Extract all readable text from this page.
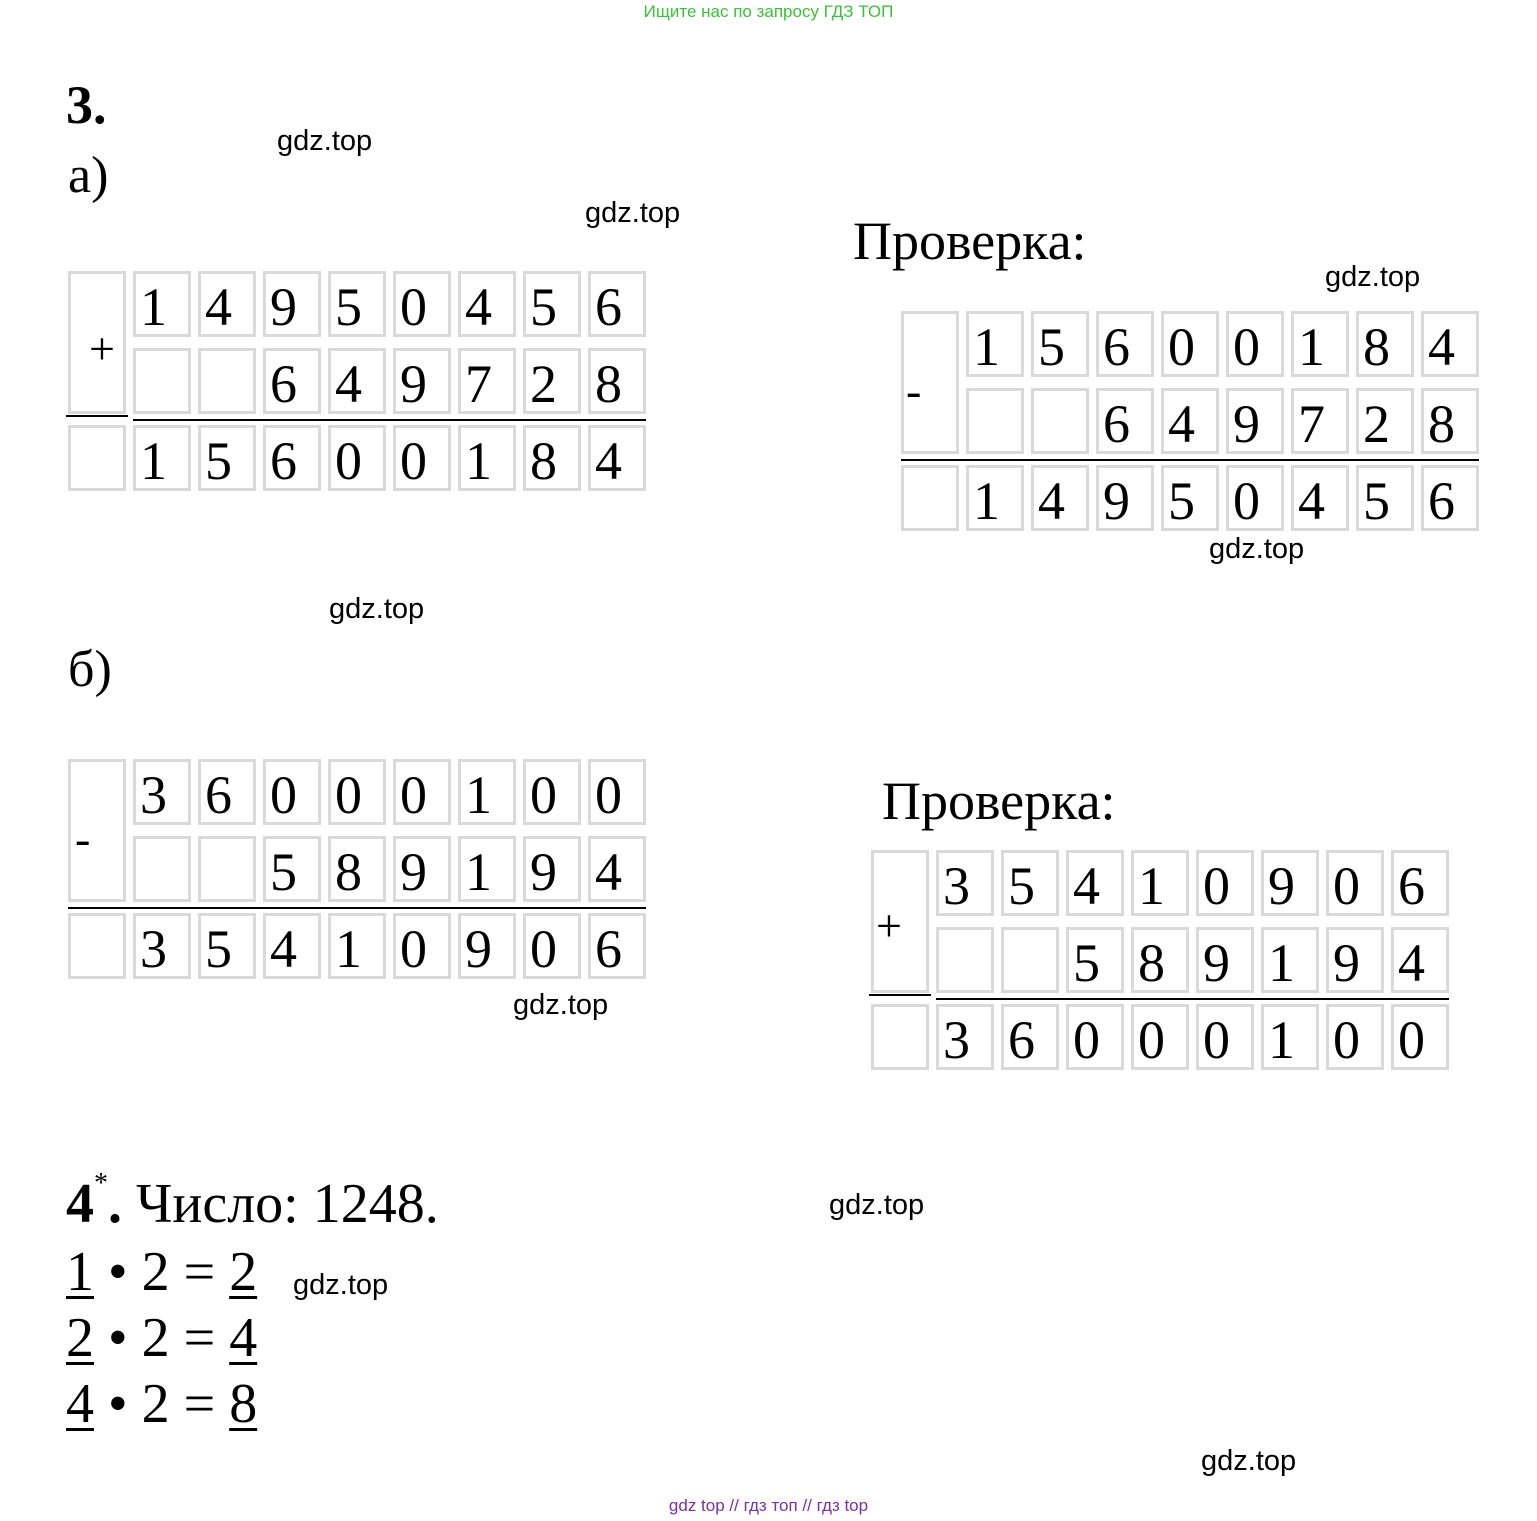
Ищите нас по запросу ГДЗ ТОП
3.
а)
Проверка:
б)
Проверка:
+
1 4 9 5 0 4 5 6
6 4 9 7 2 8
1 5 6 0 0 1 8 4
-
1 5 6 0 0 1 8 4
6 4 9 7 2 8
1 4 9 5 0 4 5 6
-
3 6 0 0 0 1 0 0
5 8 9 1 9 4
3 5 4 1 0 9 0 6	+
3 5 4 1 0 9 0 6
5 8 9 1 9 4
3 6 0 0 0 1 0 0
4*. Число: 1248.
1 • 2 = 2
2 • 2 = 4
4 • 2 = 8
gdz.top
gdz.top
gdz.top
gdz.top
gdz.top
gdz.top
gdz.top
gdz.top
gdz.top
gdz top // гдз топ // гдз top
